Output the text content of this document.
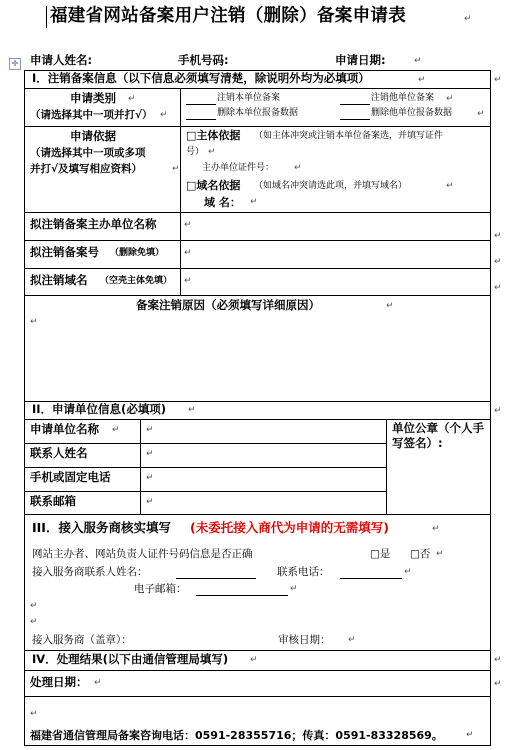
福建省网站备案用户注销（删除）备案申请表	↵
✛ 申请人姓名:	手机号码:	申请日期:	↵
I．注销备案信息（以下信息必须填写清楚，除说明外均为必填项）	↵
申请类别 ↵
（请选择其中一项并打√） ↵
注销本单位备案	注销他单位备案 ↵
删除本单位报备数据	删除他单位报备数据	↵
申请依据
（请选择其中一项或多项
并打√及填写相应资料）	↵
□主体依据 （如主体冲突或注销本单位备案选，并填写证件
号） ↵
主办单位证件号： ↵
□域名依据 （如域名冲突请选此项，并填写域名）	↵
域 名： ↵
拟注销备案主办单位名称	↵
拟注销备案号 （删除免填） ↵
拟注销域名 （空壳主体免填） ↵
备案注销原因（必须填写详细原因）	↵
↵
II．申请单位信息(必填项) ↵
申请单位名称 ↵	↵
联系人姓名	↵
手机或固定电话	↵
联系邮箱	↵
单位公章（个人手写签名）:
III．接入服务商核实填写 (未委托接入商代为申请的无需填写)	↵
网站主办者、网站负责人证件号码信息是否正确	□是 □否 ↵
接入服务商联系人姓名：	联系电话：	↵
电子邮箱：	↵
↵
↵
接入服务商（盖章）：	审核日期： ↵
IV．处理结果(以下由通信管理局填写) ↵
处理日期： ↵
↵
福建省通信管理局备案咨询电话：0591-28355716；传真：0591-83328569。	↵
↵
↵
↵
↵
↵
↵
↵
